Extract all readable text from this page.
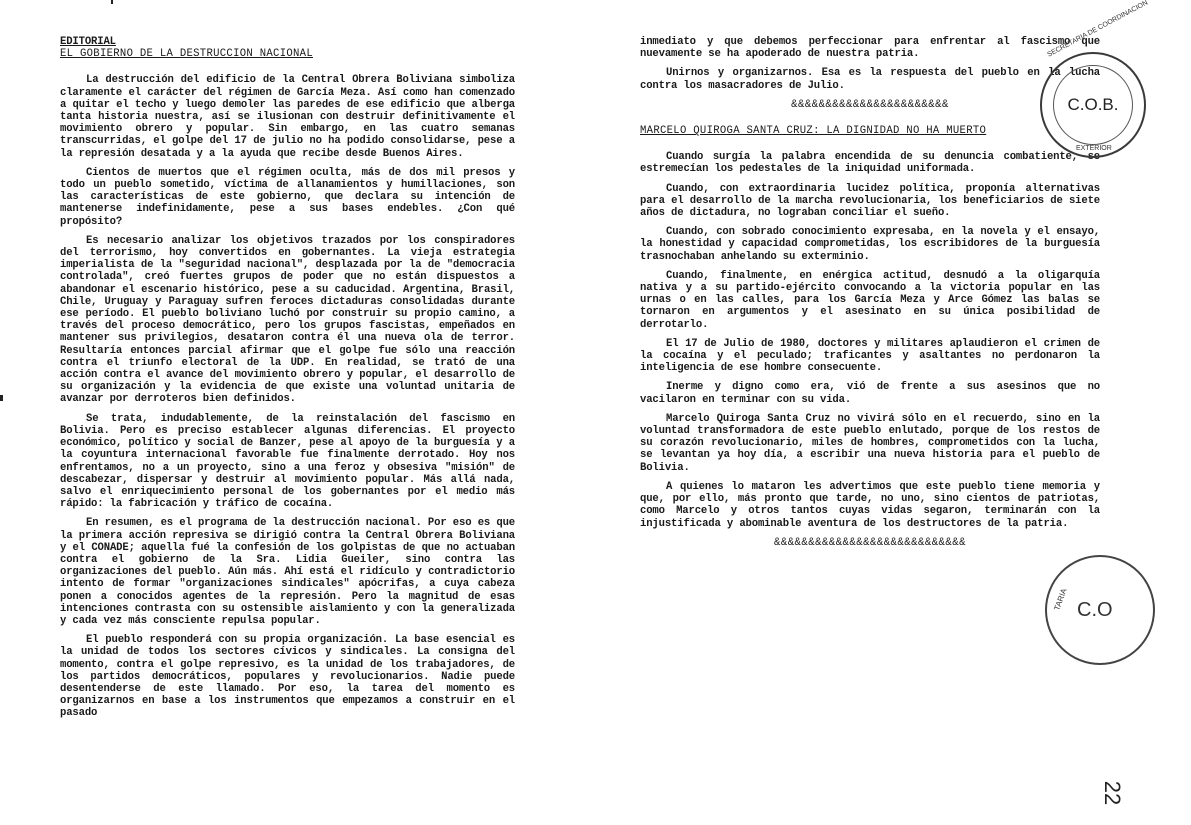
EDITORIAL
EL GOBIERNO DE LA DESTRUCCION NACIONAL

La destrucción del edificio de la Central Obrera Boliviana simboliza claramente el carácter del régimen de García Meza. Así como han comenzado a quitar el techo y luego demoler las paredes de ese edificio que alberga tanta historia nuestra, así se ilusionan con destruir definitivamente el movimiento obrero y popular. Sin embargo, en las cuatro semanas transcurridas, el golpe del 17 de julio no ha podido consolidarse, pese a la represión desatada y a la ayuda que recibe desde Buenos Aires.

Cientos de muertos que el régimen oculta, más de dos mil presos y todo un pueblo sometido, víctima de allanamientos y humillaciones, son las características de este gobierno, que declara su intención de mantenerse indefinidamente, pese a sus bases endebles. ¿Con qué propósito?

Es necesario analizar los objetivos trazados por los conspiradores del terrorismo, hoy convertidos en gobernantes. La vieja estrategia imperialista de la "seguridad nacional", desplazada por la de "democracia controlada", creó fuertes grupos de poder que no están dispuestos a abandonar el escenario histórico, pese a su caducidad. Argentina, Brasil, Chile, Uruguay y Paraguay sufren feroces dictaduras consolidadas durante ese período. El pueblo boliviano luchó por construir su propio camino, a través del proceso democrático, pero los grupos fascistas, empeñados en mantener sus privilegios, desataron contra él una nueva ola de terror. Resultaría entonces parcial afirmar que el golpe fue sólo una reacción contra el triunfo electoral de la UDP. En realidad, se trató de una acción contra el avance del movimiento obrero y popular, el desarrollo de su organización y la evidencia de que existe una voluntad unitaria de avanzar por derroteros bien definidos.

Se trata, indudablemente, de la reinstalación del fascismo en Bolivia. Pero es preciso establecer algunas diferencias. El proyecto económico, político y social de Banzer, pese al apoyo de la burguesía y a la coyuntura internacional favorable fue finalmente derrotado. Hoy nos enfrentamos, no a un proyecto, sino a una feroz y obsesiva "misión" de descabezar, dispersar y destruir al movimiento popular. Más allá nada, salvo el enriquecimiento personal de los gobernantes por el medio más rápido: la fabricación y tráfico de cocaína.

En resumen, es el programa de la destrucción nacional. Por eso es que la primera acción represiva se dirigió contra la Central Obrera Boliviana y el CONADE; aquella fué la confesión de los golpistas de que no actuaban contra el gobierno de la Sra. Lidia Gueiler, sino contra las organizaciones del pueblo. Aún más. Ahí está el ridículo y contradictorio intento de formar "organizaciones sindicales" apócrifas, a cuya cabeza ponen a conocidos agentes de la represión. Pero la magnitud de esas intenciones contrasta con su ostensible aislamiento y con la generalizada y cada vez más consciente repulsa popular.

El pueblo responderá con su propia organización. La base esencial es la unidad de todos los sectores cívicos y sindicales. La consigna del momento, contra el golpe represivo, es la unidad de los trabajadores, de los partidos democráticos, populares y revolucionarios. Nadie puede desentenderse de este llamado. Por eso, la tarea del momento es organizarnos en base a los instrumentos que empezamos a construir en el pasado

inmediato y que debemos perfeccionar para enfrentar al fascismo que nuevamente se ha apoderado de nuestra patria.

Unirnos y organizarnos. Esa es la respuesta del pueblo en la lucha contra los masacradores de Julio.

&&&&&&&&&&&&&&&&&&&&&&&
MARCELO QUIROGA SANTA CRUZ: LA DIGNIDAD NO HA MUERTO

Cuando surgía la palabra encendida de su denuncia combatiente, se estremecían los pedestales de la iniquidad uniformada.

Cuando, con extraordinaria lucidez política, proponía alternativas para el desarrollo de la marcha revolucionaria, los beneficiarios de siete años de dictadura, no lograban conciliar el sueño.

Cuando, con sobrado conocimiento expresaba, en la novela y el ensayo, la honestidad y capacidad comprometidas, los escribidores de la burguesía trasnochaban anhelando su exterminio.

Cuando, finalmente, en enérgica actitud, desnudó a la oligarquía nativa y a su partido-ejército convocando a la victoria popular en las urnas o en las calles, para los García Meza y Arce Gómez las balas se tornaron en argumentos y el asesinato en su única posibilidad de derrotarlo.

El 17 de Julio de 1980, doctores y militares aplaudieron el crimen de la cocaína y el peculado; traficantes y asaltantes no perdonaron la inteligencia de ese hombre consecuente.

Inerme y digno como era, vió de frente a sus asesinos que no vacilaron en terminar con su vida.

Marcelo Quiroga Santa Cruz no vivirá sólo en el recuerdo, sino en la voluntad transformadora de este pueblo enlutado, porque de los restos de su corazón revolucionario, miles de hombres, comprometidos con la lucha, se levantan ya hoy día, a escribir una nueva historia para el pueblo de Bolivia.

A quienes lo mataron les advertimos que este pueblo tiene memoria y que, por ello, más pronto que tarde, no uno, sino cientos de patriotas, como Marcelo y otros tantos cuyas vidas segaron, terminarán con la injustificada y abominable aventura de los destructores de la patria.

&&&&&&&&&&&&&&&&&&&&&&&&&&&&
SECRETARIA DE COORDINACION
C.O.B.
EXTERIOR
TARIA C.O
22
